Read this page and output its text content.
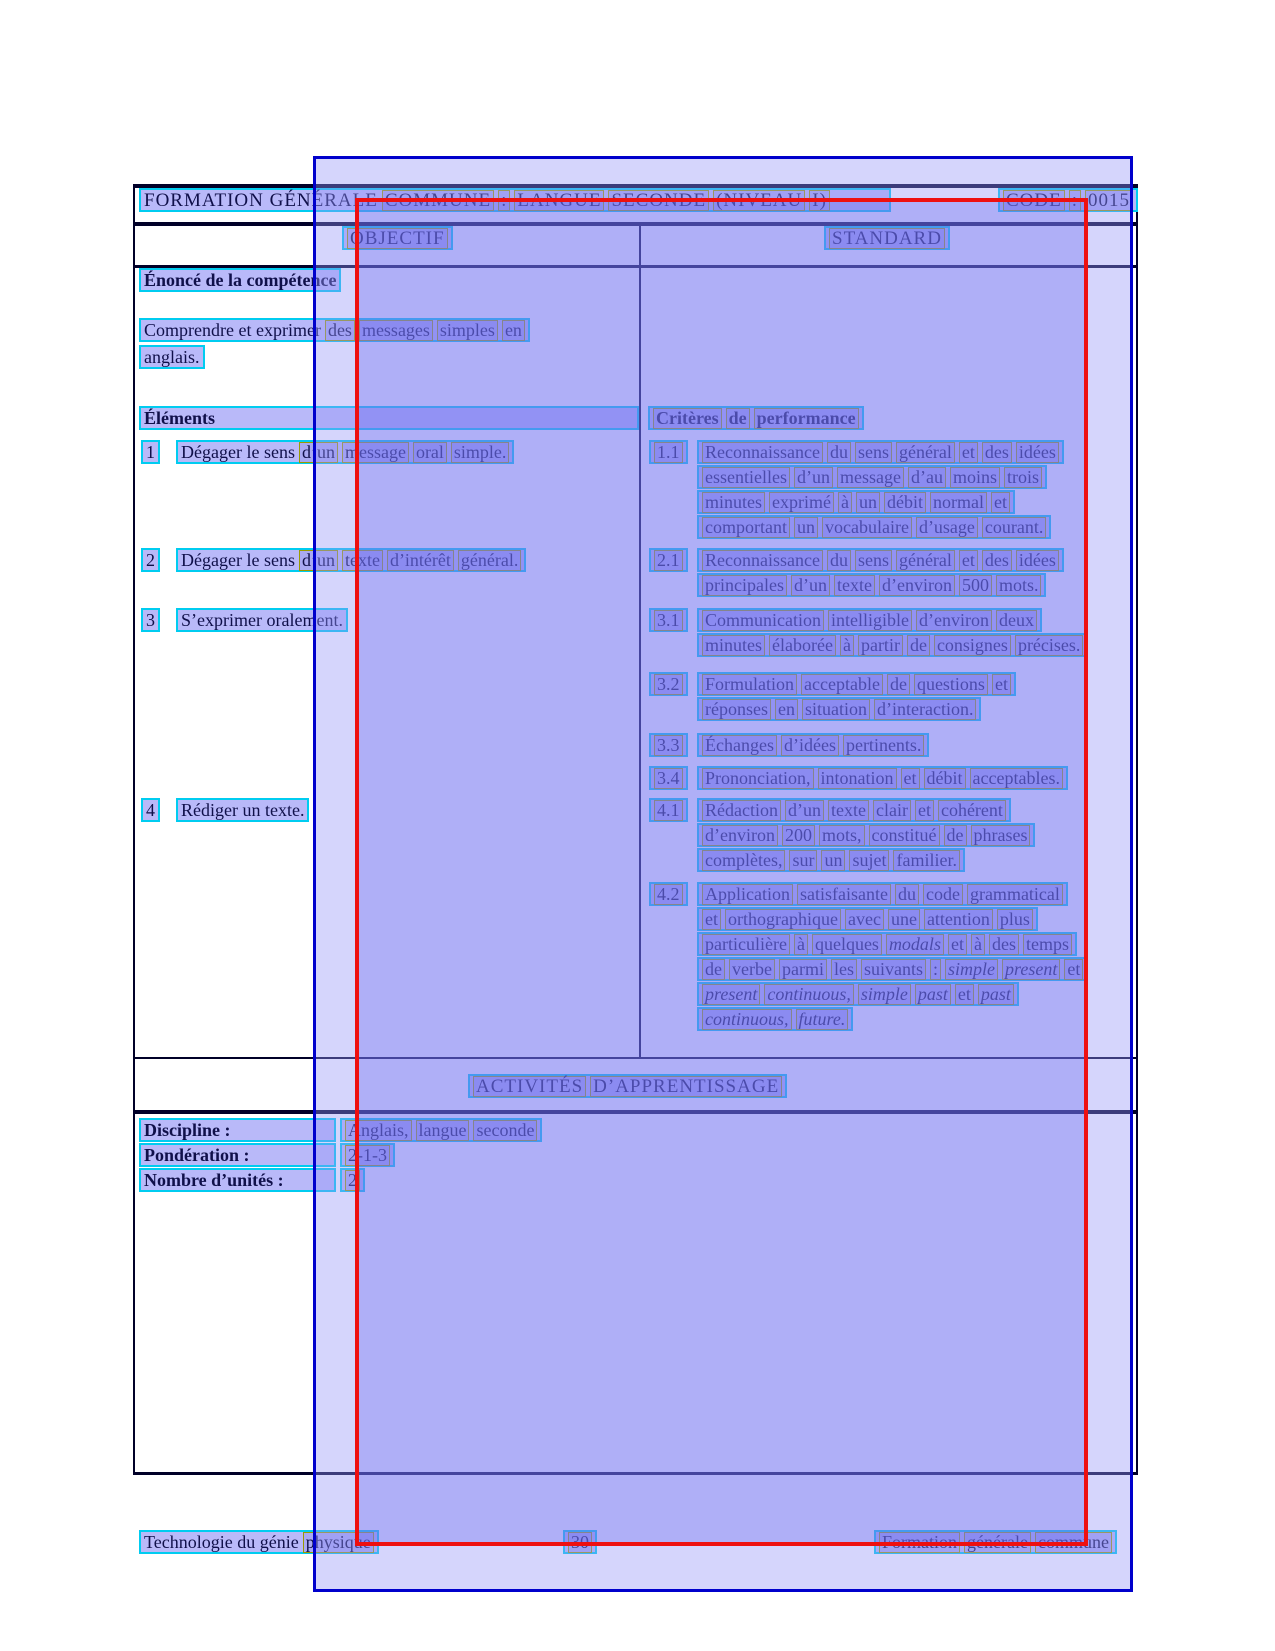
FORMATION GÉNÉRALE COMMUNE : LANGUE SECONDE (NIVEAU I)	CODE : 0015
OBJECTIF	STANDARD
Énoncé de la compétence
Comprendre et exprimer des messages simples en
anglais.
Éléments	Critères de performance
1 Dégager le sens d’un message oral simple.	1.1 Reconnaissance du sens général et des idées
essentielles d’un message d’au moins trois
minutes exprimé à un débit normal et
comportant un vocabulaire d’usage courant.
2 Dégager le sens d’un texte d’intérêt général.	2.1 Reconnaissance du sens général et des idées
principales d’un texte d’environ 500 mots.
3 S’exprimer oralement.	3.1 Communication intelligible d’environ deux
minutes élaborée à partir de consignes précises.
3.2 Formulation acceptable de questions et
réponses en situation d’interaction.
3.3 Échanges d’idées pertinents.
3.4 Prononciation, intonation et débit acceptables.
4 Rédiger un texte.	4.1 Rédaction d’un texte clair et cohérent
d’environ 200 mots, constitué de phrases
complètes, sur un sujet familier.
4.2 Application satisfaisante du code grammatical
et orthographique avec une attention plus
particulière à quelques modals et à des temps
de verbe parmi les suivants : simple present et
present continuous, simple past et past
continuous, future.
ACTIVITÉS D’APPRENTISSAGE
Discipline :	Anglais, langue seconde
Pondération :	2-1-3
Nombre d’unités :	2
Technologie du génie physique	30	Formation générale commune
